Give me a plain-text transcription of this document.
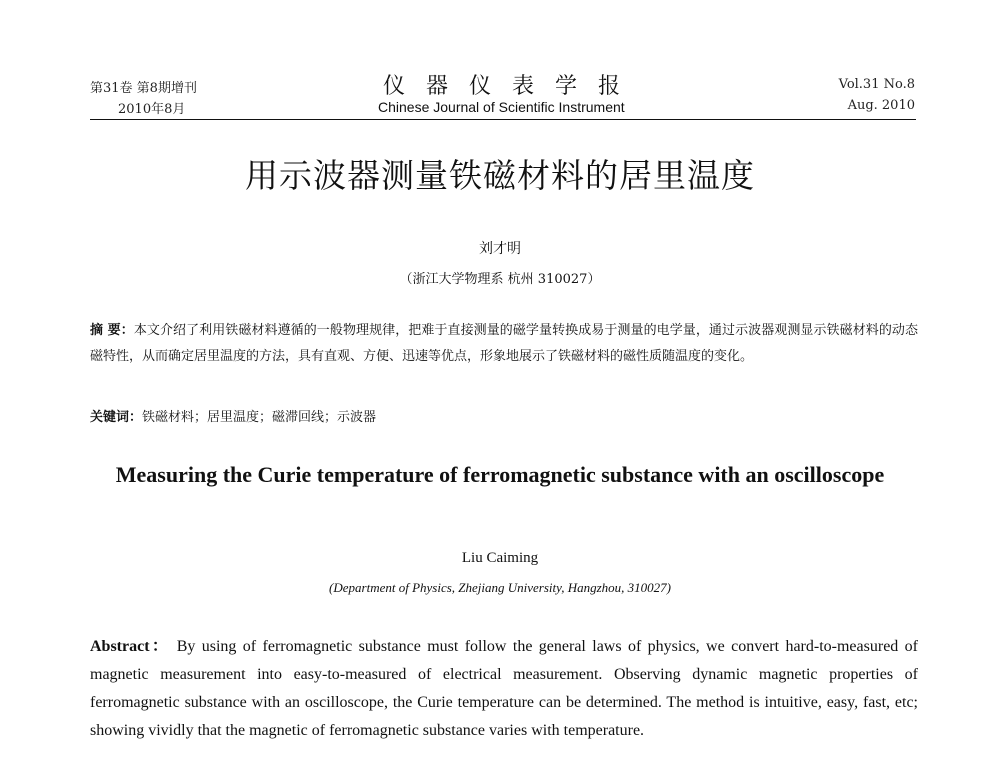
第31卷 第8期增刊
2010年8月
仪器仪表学报
Chinese Journal of Scientific Instrument
Vol.31 No.8
Aug. 2010
用示波器测量铁磁材料的居里温度
刘才明
（浙江大学物理系 杭州 310027）
摘 要：本文介绍了利用铁磁材料遵循的一般物理规律，把难于直接测量的磁学量转换成易于测量的电学量，通过示波器观测显示铁磁材料的动态磁特性，从而确定居里温度的方法，具有直观、方便、迅速等优点，形象地展示了铁磁材料的磁性质随温度的变化。
关键词：铁磁材料；居里温度；磁滞回线；示波器
Measuring the Curie temperature of ferromagnetic substance with an oscilloscope
Liu Caiming
(Department of Physics, Zhejiang University, Hangzhou, 310027)
Abstract： By using of ferromagnetic substance must follow the general laws of physics, we convert hard-to-measured of magnetic measurement into easy-to-measured of electrical measurement. Observing dynamic magnetic properties of ferromagnetic substance with an oscilloscope, the Curie temperature can be determined. The method is intuitive, easy, fast, etc; showing vividly that the magnetic of ferromagnetic substance varies with temperature.
